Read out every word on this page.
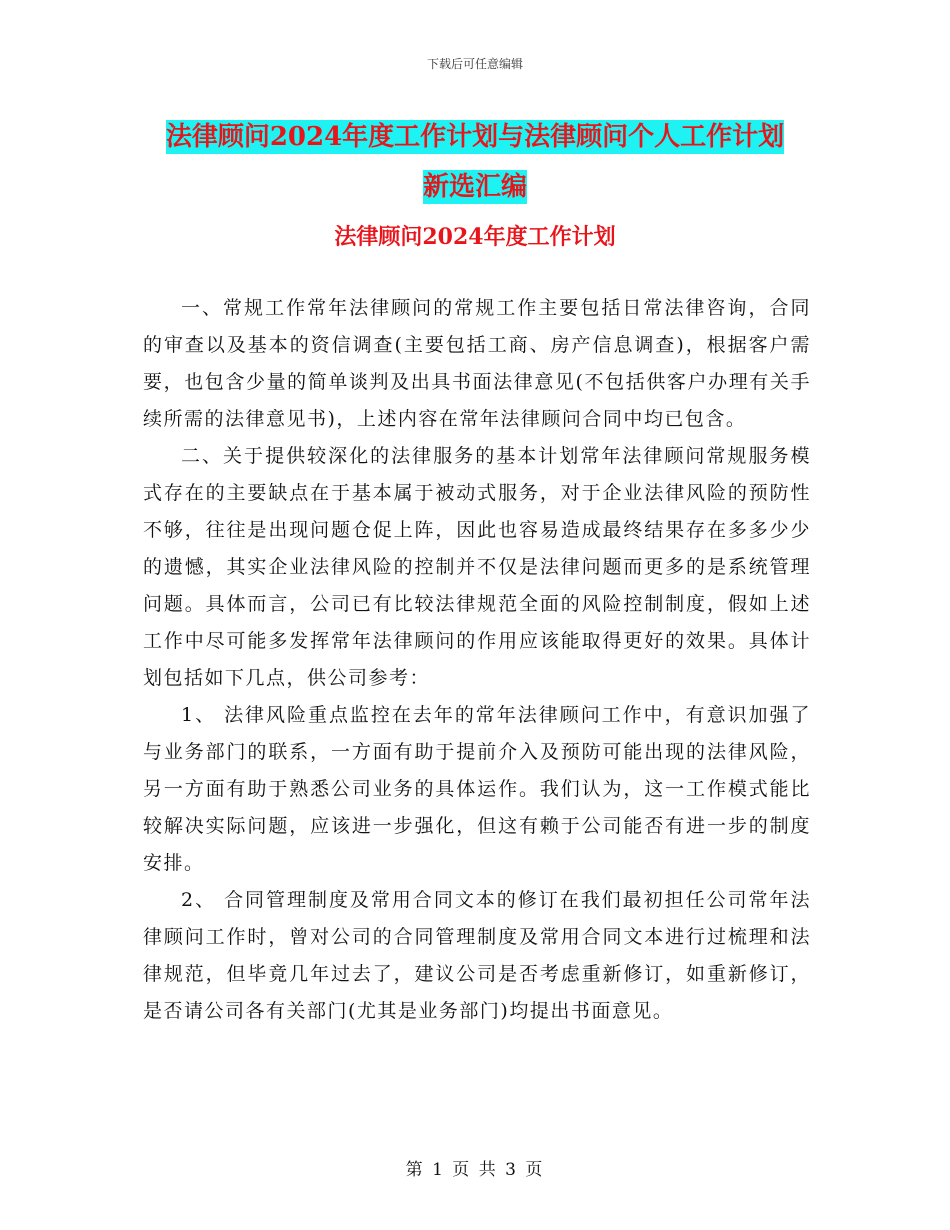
下载后可任意编辑
法律顾问2024年度工作计划与法律顾问个人工作计划
新选汇编
法律顾问2024年度工作计划

一、常规工作常年法律顾问的常规工作主要包括日常法律咨询，合同的审查以及基本的资信调查(主要包括工商、房产信息调查)，根据客户需要，也包含少量的简单谈判及出具书面法律意见(不包括供客户办理有关手续所需的法律意见书)，上述内容在常年法律顾问合同中均已包含。

二、关于提供较深化的法律服务的基本计划常年法律顾问常规服务模式存在的主要缺点在于基本属于被动式服务，对于企业法律风险的预防性不够，往往是出现问题仓促上阵，因此也容易造成最终结果存在多多少少的遗憾，其实企业法律风险的控制并不仅是法律问题而更多的是系统管理问题。具体而言，公司已有比较法律规范全面的风险控制制度，假如上述工作中尽可能多发挥常年法律顾问的作用应该能取得更好的效果。具体计划包括如下几点，供公司参考：

1、 法律风险重点监控在去年的常年法律顾问工作中，有意识加强了与业务部门的联系，一方面有助于提前介入及预防可能出现的法律风险，另一方面有助于熟悉公司业务的具体运作。我们认为，这一工作模式能比较解决实际问题，应该进一步强化，但这有赖于公司能否有进一步的制度安排。

2、 合同管理制度及常用合同文本的修订在我们最初担任公司常年法律顾问工作时，曾对公司的合同管理制度及常用合同文本进行过梳理和法律规范，但毕竟几年过去了，建议公司是否考虑重新修订，如重新修订，是否请公司各有关部门(尤其是业务部门)均提出书面意见。

第 1 页 共 3 页
